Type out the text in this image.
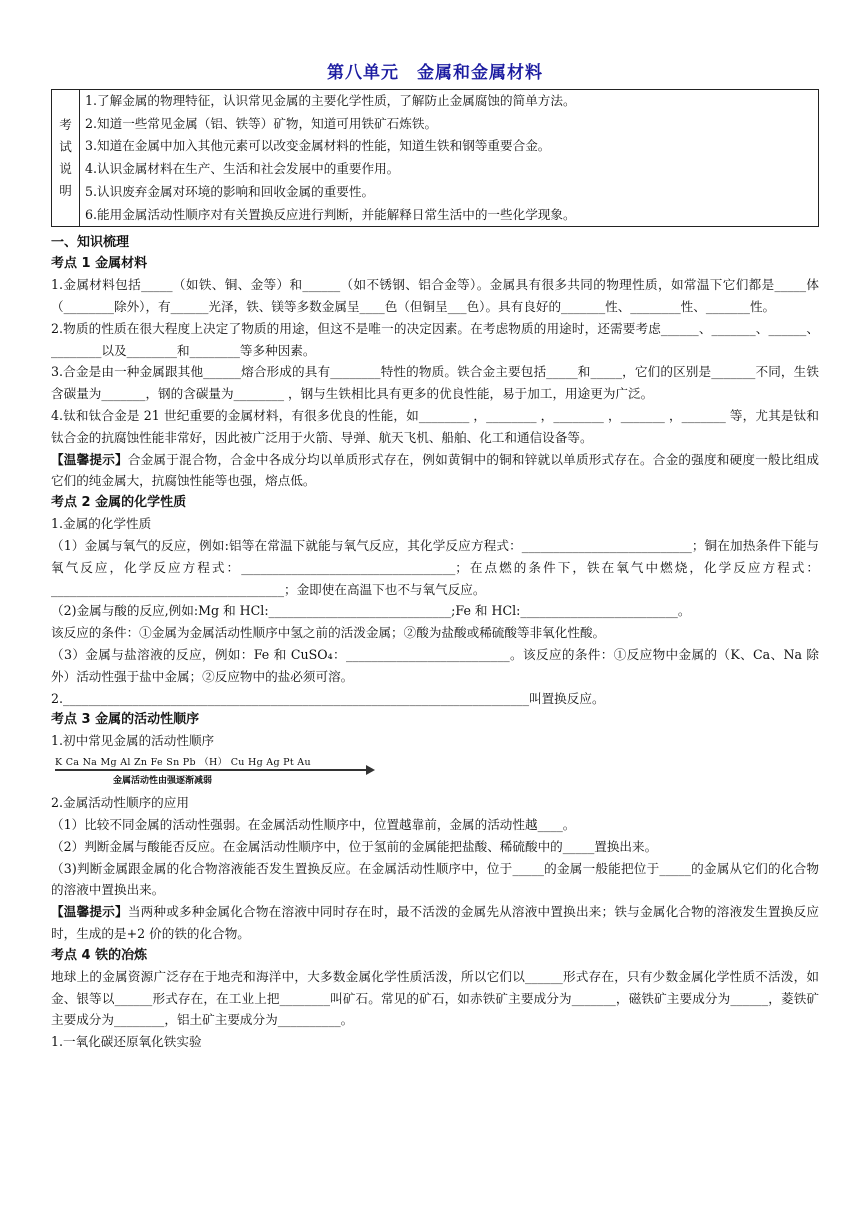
第八单元　金属和金属材料
考
试
说
明

1.了解金属的物理特征，认识常见金属的主要化学性质，了解防止金属腐蚀的简单方法。
2.知道一些常见金属（铝、铁等）矿物，知道可用铁矿石炼铁。
3.知道在金属中加入其他元素可以改变金属材料的性能，知道生铁和钢等重要合金。
4.认识金属材料在生产、生活和社会发展中的重要作用。
5.认识废弃金属对环境的影响和回收金属的重要性。
6.能用金属活动性顺序对有关置换反应进行判断，并能解释日常生活中的一些化学现象。
一、知识梳理
考点 1 金属材料

1.金属材料包括_____（如铁、铜、金等）和______（如不锈钢、铝合金等）。金属具有很多共同的物理性质，如常温下它们都是_____体（________除外），有______光泽，铁、镁等多数金属呈____色（但铜呈___色）。具有良好的_______性、________性、_______性。

2.物质的性质在很大程度上决定了物质的用途，但这不是唯一的决定因素。在考虑物质的用途时，还需要考虑______、_______、______、________以及________和________等多种因素。

3.合金是由一种金属跟其他______熔合形成的具有________特性的物质。铁合金主要包括_____和_____，它们的区别是_______不同，生铁含碳量为_______，钢的含碳量为________ ，钢与生铁相比具有更多的优良性能，易于加工，用途更为广泛。

4.钛和钛合金是 21 世纪重要的金属材料，有很多优良的性能，如________ ，________ ，________ ，_______ ，_______ 等，尤其是钛和钛合金的抗腐蚀性能非常好，因此被广泛用于火箭、导弹、航天飞机、船舶、化工和通信设备等。

【温馨提示】合金属于混合物，合金中各成分均以单质形式存在，例如黄铜中的铜和锌就以单质形式存在。合金的强度和硬度一般比组成它们的纯金属大，抗腐蚀性能等也强，熔点低。

考点 2 金属的化学性质

1.金属的化学性质

（1）金属与氧气的反应，例如:铝等在常温下就能与氧气反应，其化学反应方程式：___________________________；铜在加热条件下能与氧气反应，化学反应方程式：__________________________________；在点燃的条件下，铁在氧气中燃烧，化学反应方程式：_____________________________________；金即使在高温下也不与氧气反应。

（2)金属与酸的反应,例如:Mg 和 HCl:_____________________________;Fe 和 HCl:_________________________。

该反应的条件：①金属为金属活动性顺序中氢之前的活泼金属；②酸为盐酸或稀硫酸等非氧化性酸。

（3）金属与盐溶液的反应，例如：Fe 和 CuSO₄：__________________________。该反应的条件：①反应物中金属的（K、Ca、Na 除外）活动性强于盐中金属；②反应物中的盐必须可溶。

2.__________________________________________________________________________叫置换反应。

考点 3 金属的活动性顺序

1.初中常见金属的活动性顺序

K Ca Na Mg Al Zn Fe Sn Pb （H） Cu Hg Ag Pt Au
金属活动性由强逐渐减弱

2.金属活动性顺序的应用

（1）比较不同金属的活动性强弱。在金属活动性顺序中，位置越靠前，金属的活动性越____。

（2）判断金属与酸能否反应。在金属活动性顺序中，位于氢前的金属能把盐酸、稀硫酸中的_____置换出来。

（3)判断金属跟金属的化合物溶液能否发生置换反应。在金属活动性顺序中，位于_____的金属一般能把位于_____的金属从它们的化合物的溶液中置换出来。

【温馨提示】当两种或多种金属化合物在溶液中同时存在时，最不活泼的金属先从溶液中置换出来；铁与金属化合物的溶液发生置换反应时，生成的是+2 价的铁的化合物。

考点 4 铁的冶炼

地球上的金属资源广泛存在于地壳和海洋中，大多数金属化学性质活泼，所以它们以______形式存在，只有少数金属化学性质不活泼，如金、银等以______形式存在，在工业上把________叫矿石。常见的矿石，如赤铁矿主要成分为_______，磁铁矿主要成分为______，菱铁矿主要成分为________，铝土矿主要成分为__________。

1.一氧化碳还原氧化铁实验
